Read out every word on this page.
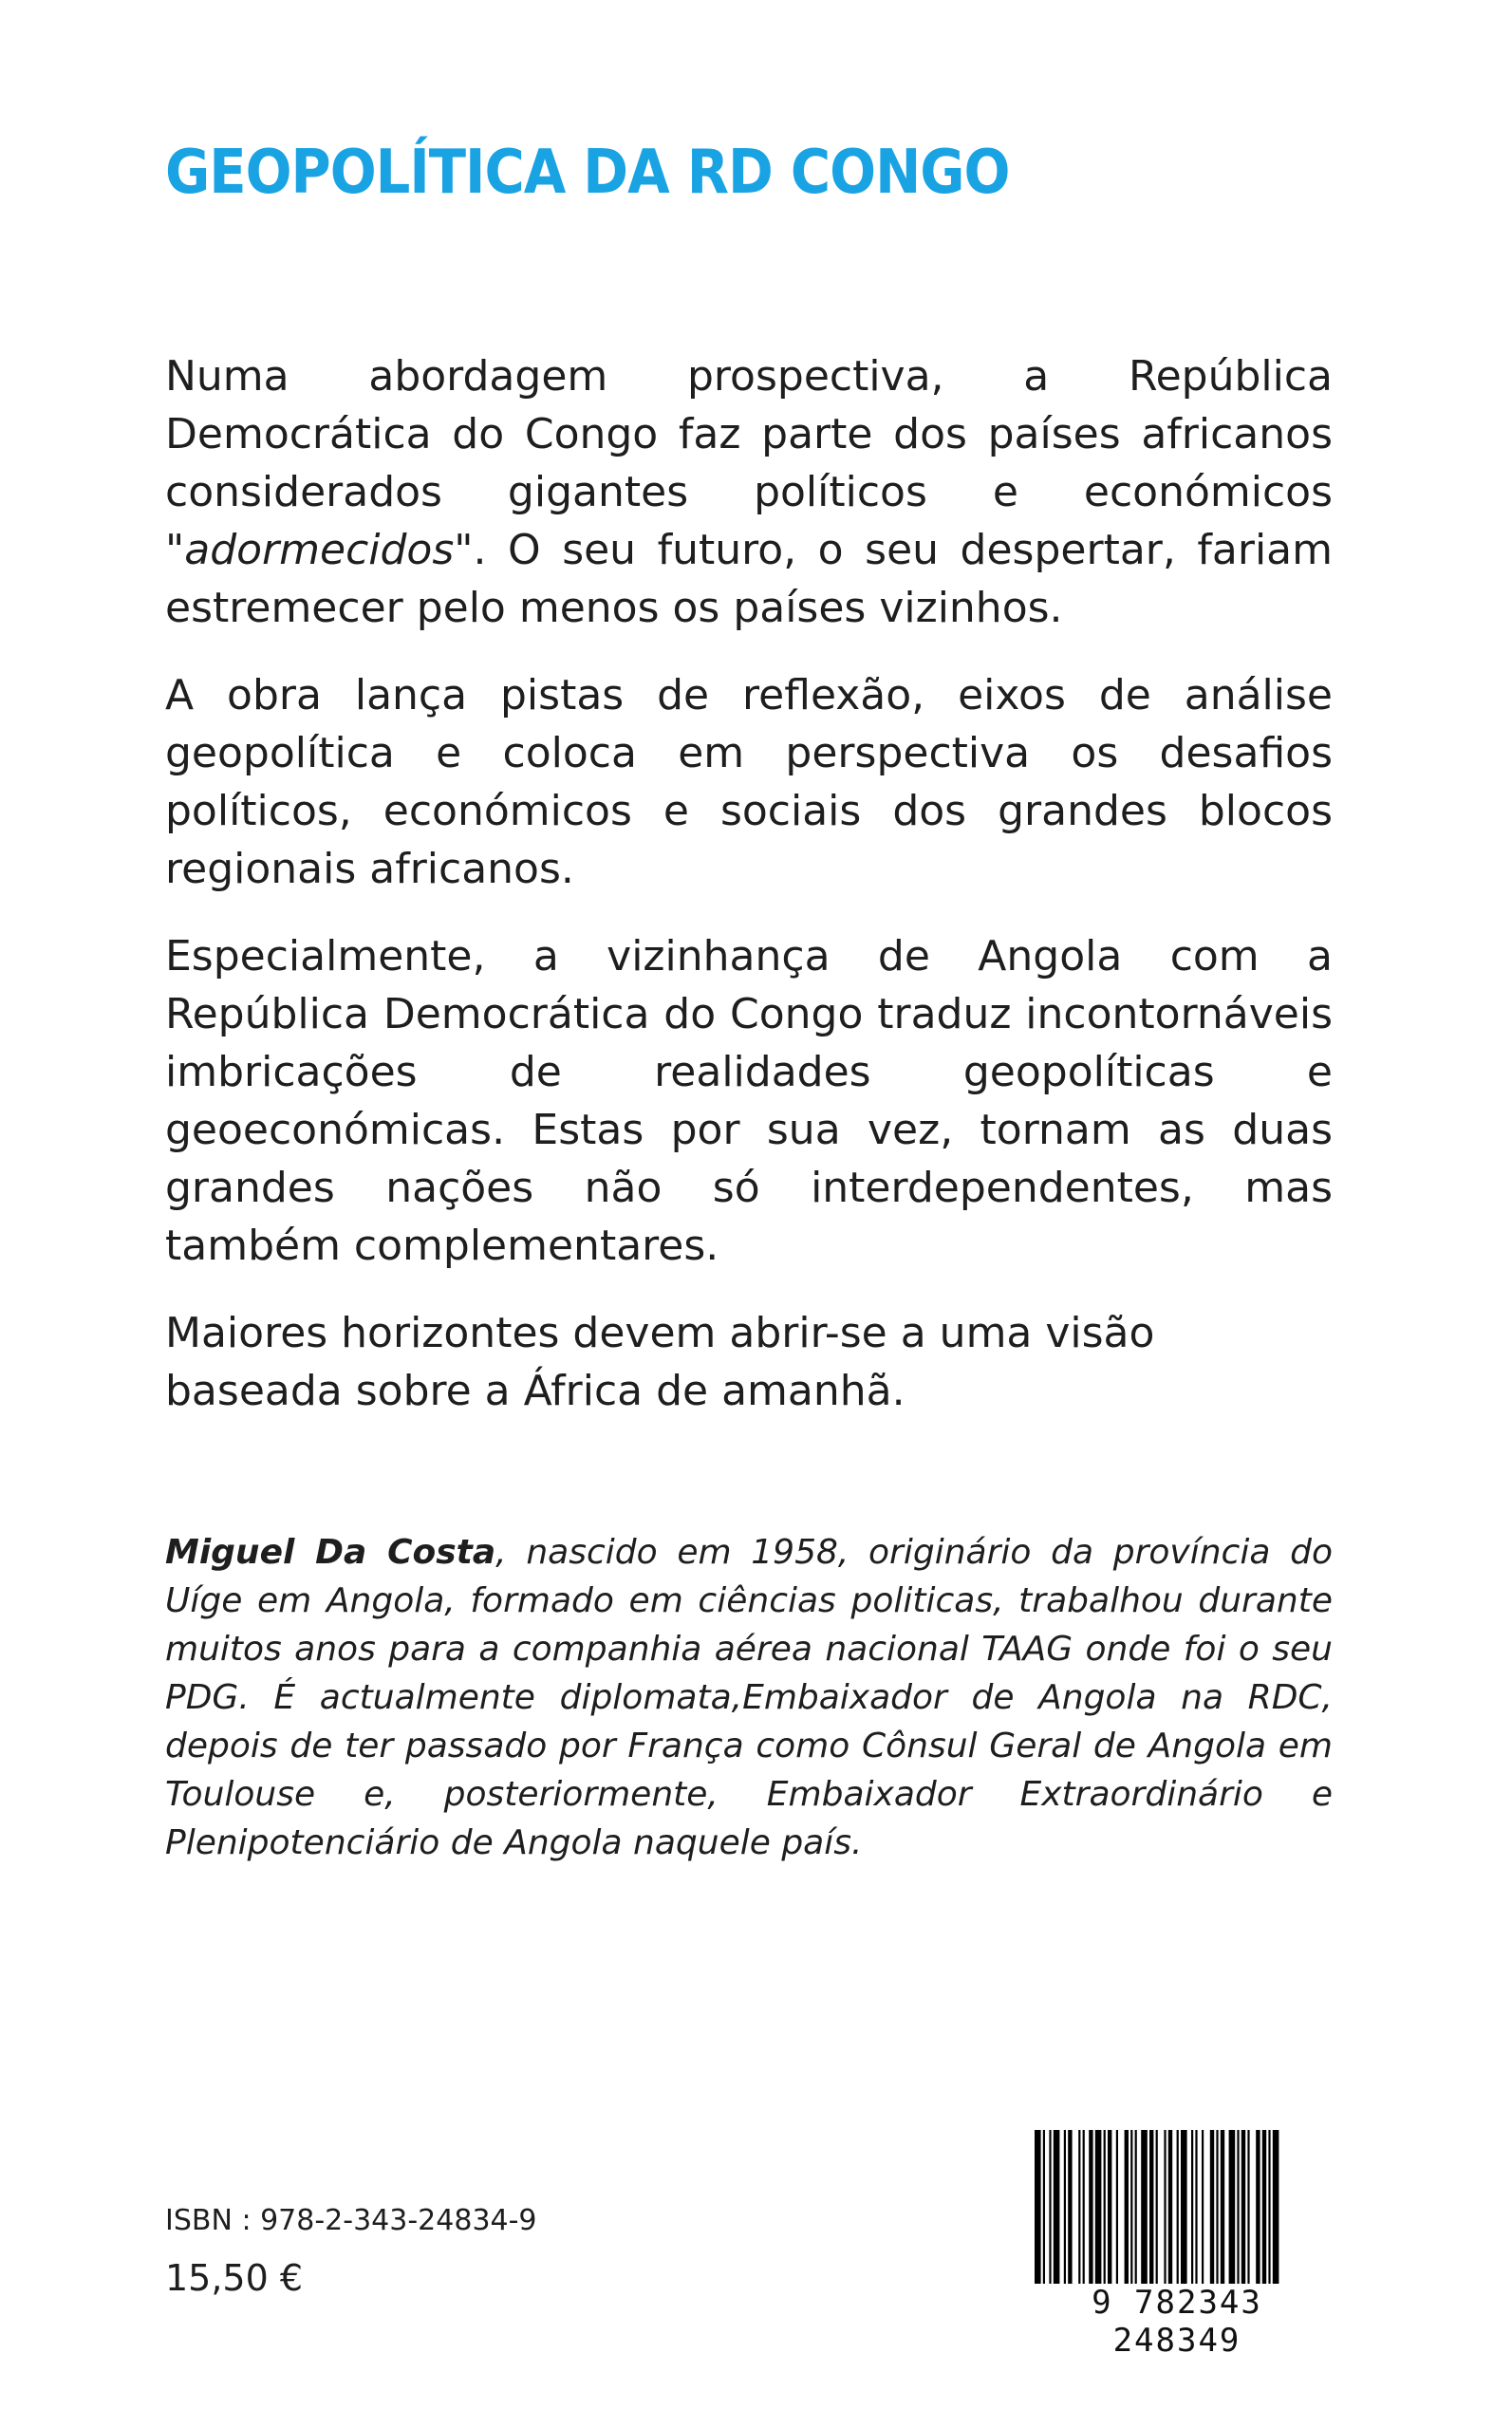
GEOPOLÍTICA DA RD CONGO

Numa abordagem prospectiva, a República Democrática do Congo faz parte dos países africanos considerados gigantes políticos e económicos "adormecidos". O seu futuro, o seu despertar, fariam estremecer pelo menos os países vizinhos.

A obra lança pistas de reflexão, eixos de análise geopolítica e coloca em perspectiva os desafios políticos, económicos e sociais dos grandes blocos regionais africanos.

Especialmente, a vizinhança de Angola com a República Democrática do Congo traduz incontornáveis imbricações de realidades geopolíticas e geoeconómicas. Estas por sua vez, tornam as duas grandes nações não só interdependentes, mas também complementares.

Maiores horizontes devem abrir-se a uma visão baseada sobre a África de amanhã.

Miguel Da Costa, nascido em 1958, originário da província do Uíge em Angola, formado em ciências politicas, trabalhou durante muitos anos para a companhia aérea nacional TAAG onde foi o seu PDG. É actualmente diplomata,Embaixador de Angola na RDC, depois de ter passado por França como Cônsul Geral de Angola em Toulouse e, posteriormente, Embaixador Extraordinário e Plenipotenciário de Angola naquele país.
ISBN : 978-2-343-24834-9
15,50 €
9 782343 248349
